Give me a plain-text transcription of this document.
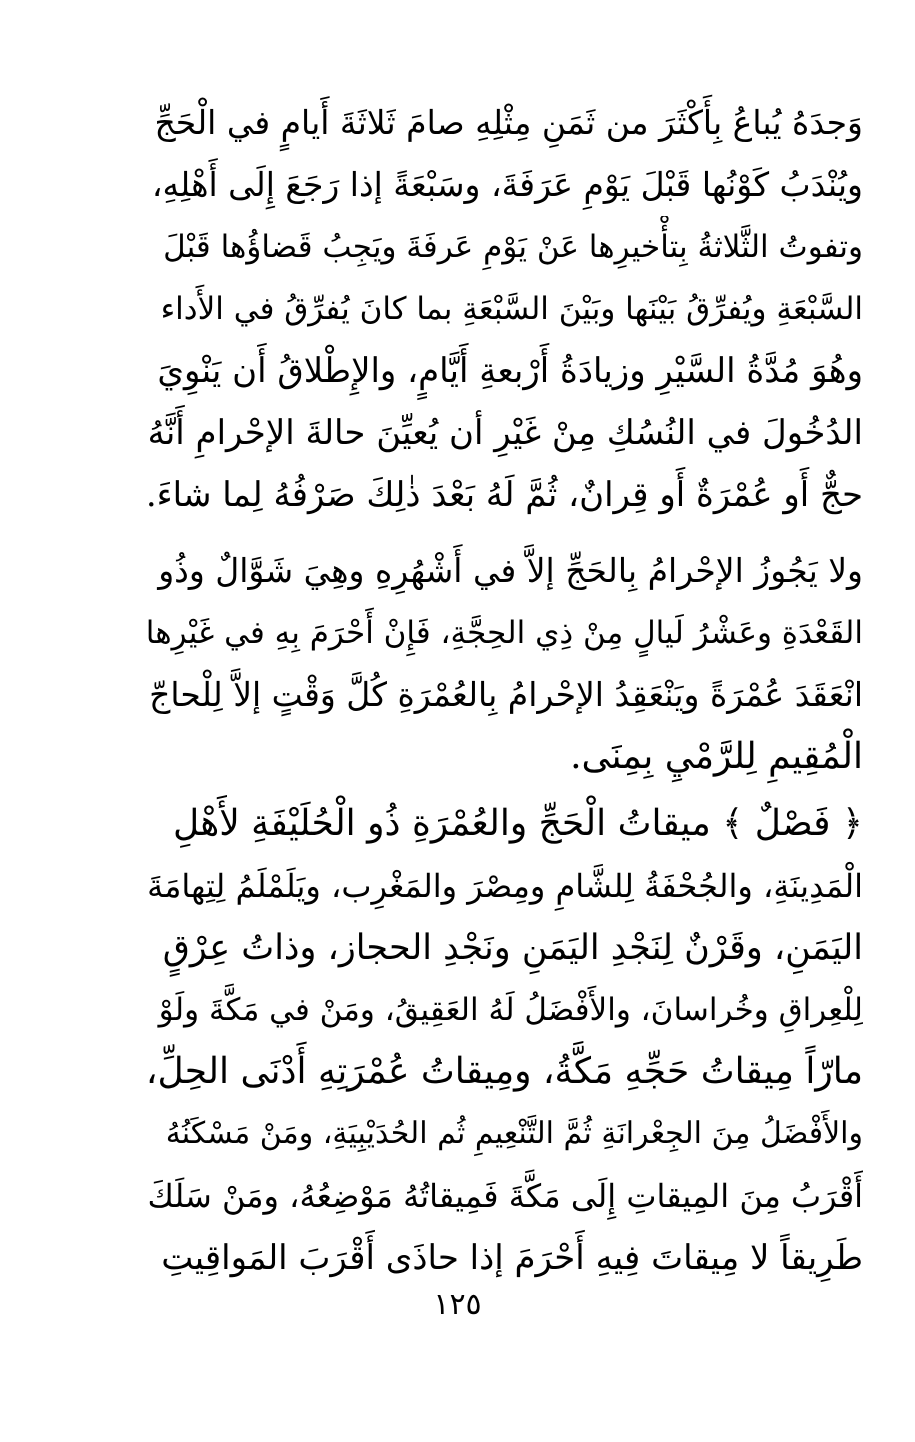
وَجدَهُ يُباعُ بِأَكْثَرَ من ثَمَنِ مِثْلِهِ صامَ ثَلاثَةَ أَيامٍ في الْحَجِّ
ويُنْدَبُ كَوْنُها قَبْلَ يَوْمِ عَرَفَةَ، وسَبْعَةً إذا رَجَعَ إِلَى أَهْلِهِ،
وتفوتُ الثَّلاثةُ بِتأْخيرِها عَنْ يَوْمِ عَرفَةَ ويَجِبُ قَضاؤُها قَبْلَ
السَّبْعَةِ ويُفرِّقُ بَيْنَها وبَيْنَ السَّبْعَةِ بما كانَ يُفرِّقُ في الأَداء
وهُوَ مُدَّةُ السَّيْرِ وزيادَةُ أَرْبعةِ أَيَّامٍ، والإِطْلاقُ أَن يَنْوِيَ
الدُخُولَ في النُسُكِ مِنْ غَيْرِ أن يُعيِّنَ حالةَ الإحْرامِ أَنَّهُ
حجٌّ أَو عُمْرَةٌ أَو قِرانٌ، ثُمَّ لَهُ بَعْدَ ذٰلِكَ صَرْفُهُ لِما شاءَ.
ولا يَجُوزُ الإحْرامُ بِالحَجِّ إلاَّ في أَشْهُرِهِ وهِيَ شَوَّالٌ وذُو
القَعْدَةِ وعَشْرُ لَيالٍ مِنْ ذِي الحِجَّةِ، فَإِنْ أَحْرَمَ بِهِ في غَيْرِها
انْعَقَدَ عُمْرَةً ويَنْعَقِدُ الإحْرامُ بِالعُمْرَةِ كُلَّ وَقْتٍ إلاَّ لِلْحاجّ
الْمُقِيمِ لِلرَّمْيِ بِمِنَى.
﴿ فَصْلٌ ﴾ ميقاتُ الْحَجِّ والعُمْرَةِ ذُو الْحُلَيْفَةِ لأَهْلِ
الْمَدِينَةِ، والجُحْفَةُ لِلشَّامِ ومِصْرَ والمَغْرِب، ويَلَمْلَمُ لِتِهامَةَ
اليَمَنِ، وقَرْنٌ لِنَجْدِ اليَمَنِ ونَجْدِ الحجاز، وذاتُ عِرْقٍ
لِلْعِراقِ وخُراسانَ، والأَفْضَلُ لَهُ العَقِيقُ، ومَنْ في مَكَّةَ ولَوْ
مارّاً مِيقاتُ حَجِّهِ مَكَّةُ، ومِيقاتُ عُمْرَتِهِ أَدْنَى الحِلِّ،
والأَفْضَلُ مِنَ الجِعْرانَةِ ثُمَّ التَّنْعِيمِ ثُم الحُدَيْبِيَةِ، ومَنْ مَسْكَنُهُ
أَقْرَبُ مِنَ المِيقاتِ إِلَى مَكَّةَ فَمِيقاتُهُ مَوْضِعُهُ، ومَنْ سَلَكَ
طَرِيقاً لا مِيقاتَ فِيهِ أَحْرَمَ إذا حاذَى أَقْرَبَ المَواقِيتِ
١٢٥
